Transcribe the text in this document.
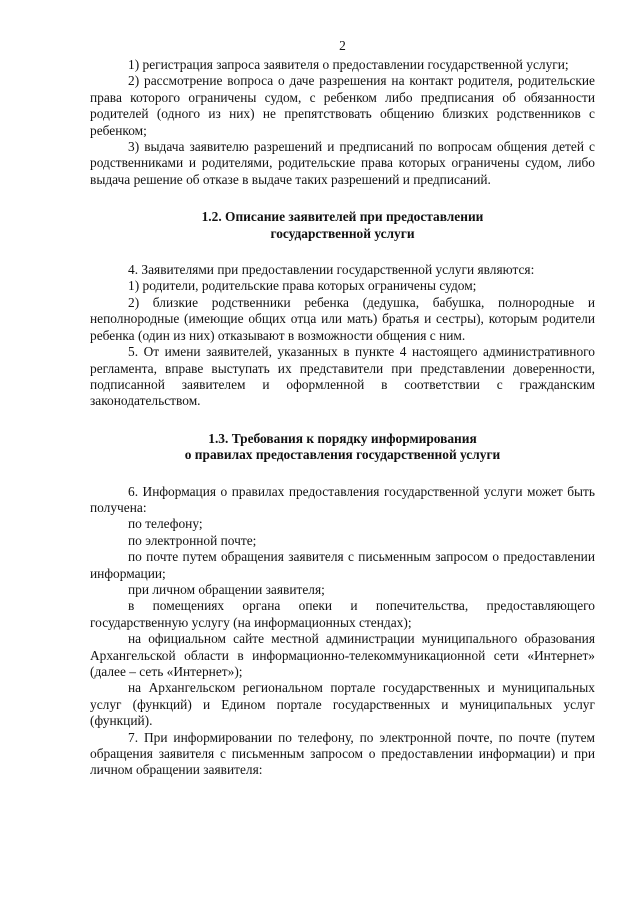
2

1) регистрация запроса заявителя о предоставлении государственной услуги;

2) рассмотрение вопроса о даче разрешения на контакт родителя, родительские права которого ограничены судом, с ребенком либо предписания об обязанности родителей (одного из них) не препятствовать общению близких родственников с ребенком;

3) выдача заявителю разрешений и предписаний по вопросам общения детей с родственниками и родителями, родительские права которых ограничены судом, либо выдача решение об отказе в выдаче таких разрешений и предписаний.

1.2. Описание заявителей при предоставлении

государственной услуги

4. Заявителями при предоставлении государственной услуги являются:

1) родители, родительские права которых ограничены судом;

2) близкие родственники ребенка (дедушка, бабушка, полнородные и неполнородные (имеющие общих отца или мать) братья и сестры), которым родители ребенка (один из них) отказывают в возможности общения с ним.

5. От имени заявителей, указанных в пункте 4 настоящего административного регламента, вправе выступать их представители при представлении доверенности, подписанной заявителем и оформленной в соответствии с гражданским законодательством.

1.3. Требования к порядку информирования

о правилах предоставления государственной услуги

6. Информация о правилах предоставления государственной услуги может быть получена:

по телефону;

по электронной почте;

по почте путем обращения заявителя с письменным запросом о предоставлении информации;

при личном обращении заявителя;

в помещениях органа опеки и попечительства, предоставляющего государственную услугу (на информационных стендах);

на официальном сайте местной администрации муниципального образования Архангельской области в информационно-телекоммуникационной сети «Интернет» (далее – сеть «Интернет»);

на Архангельском региональном портале государственных и муниципальных услуг (функций) и Едином портале государственных и муниципальных услуг (функций).

7. При информировании по телефону, по электронной почте, по почте (путем обращения заявителя с письменным запросом о предоставлении информации) и при личном обращении заявителя:
